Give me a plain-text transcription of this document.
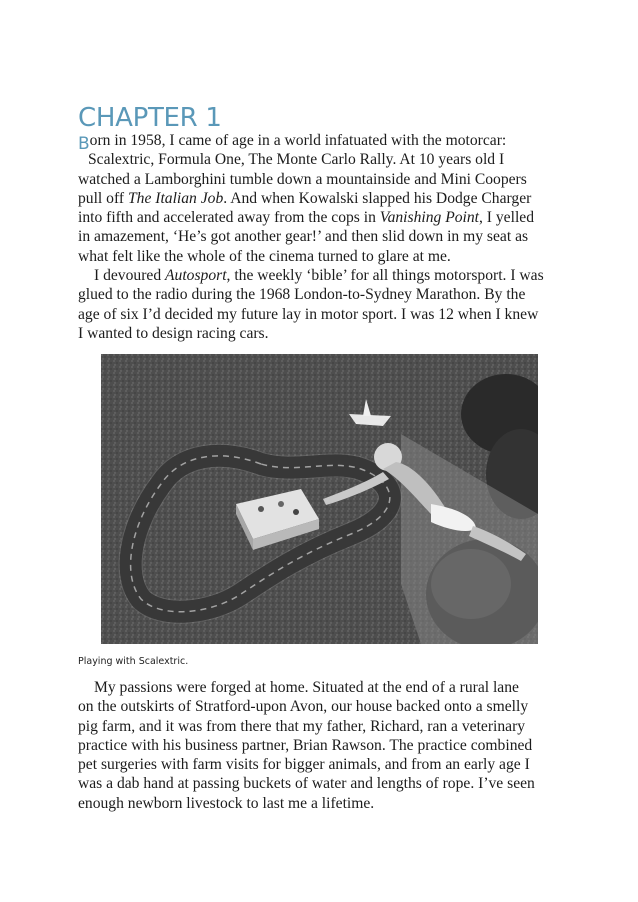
CHAPTER 1

Born in 1958, I came of age in a world infatuated with the motorcar:
Scalextric, Formula One, The Monte Carlo Rally. At 10 years old I
watched a Lamborghini tumble down a mountainside and Mini Coopers
pull off The Italian Job. And when Kowalski slapped his Dodge Charger
into fifth and accelerated away from the cops in Vanishing Point, I yelled
in amazement, ‘He’s got another gear!’ and then slid down in my seat as
what felt like the whole of the cinema turned to glare at me.

I devoured Autosport, the weekly ‘bible’ for all things motorsport. I was
glued to the radio during the 1968 London-to-Sydney Marathon. By the
age of six I’d decided my future lay in motor sport. I was 12 when I knew
I wanted to design racing cars.

Playing with Scalextric.

My passions were forged at home. Situated at the end of a rural lane
on the outskirts of Stratford-upon Avon, our house backed onto a smelly
pig farm, and it was from there that my father, Richard, ran a veterinary
practice with his business partner, Brian Rawson. The practice combined
pet surgeries with farm visits for bigger animals, and from an early age I
was a dab hand at passing buckets of water and lengths of rope. I’ve seen
enough newborn livestock to last me a lifetime.
